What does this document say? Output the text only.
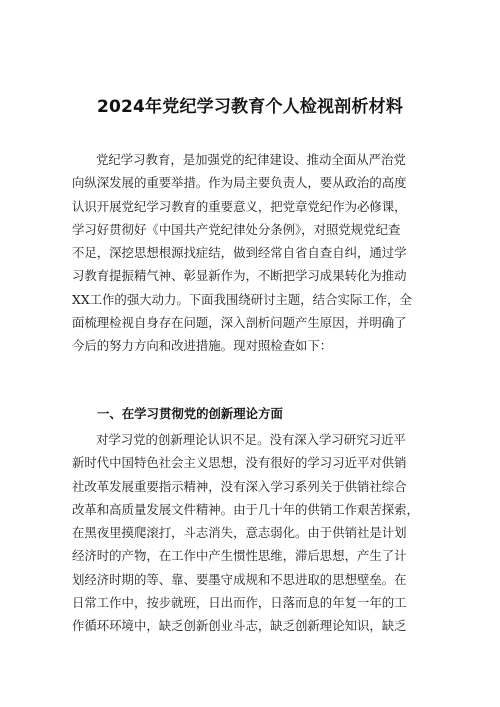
2024年党纪学习教育个人检视剖析材料
党纪学习教育，是加强党的纪律建设、推动全面从严治党
向纵深发展的重要举措。作为局主要负责人，要从政治的高度
认识开展党纪学习教育的重要意义，把党章党纪作为必修课，
学习好贯彻好《中国共产党纪律处分条例》，对照党规党纪查
不足，深挖思想根源找症结，做到经常自省自查自纠，通过学
习教育提振精气神、彰显新作为，不断把学习成果转化为推动
XX工作的强大动力。下面我围绕研讨主题，结合实际工作，全
面梳理检视自身存在问题，深入剖析问题产生原因，并明确了
今后的努力方向和改进措施。现对照检查如下：
一、在学习贯彻党的创新理论方面
对学习党的创新理论认识不足。没有深入学习研究习近平
新时代中国特色社会主义思想，没有很好的学习习近平对供销
社改革发展重要指示精神，没有深入学习系列关于供销社综合
改革和高质量发展文件精神。由于几十年的供销工作艰苦探索，
在黑夜里摸爬滚打，斗志消失，意志弱化。由于供销社是计划
经济时的产物，在工作中产生惯性思维，滞后思想，产生了计
划经济时期的等、靠、要墨守成规和不思进取的思想壁垒。在
日常工作中，按步就班，日出而作，日落而息的年复一年的工
作循环环境中，缺乏创新创业斗志，缺乏创新理论知识，缺乏
